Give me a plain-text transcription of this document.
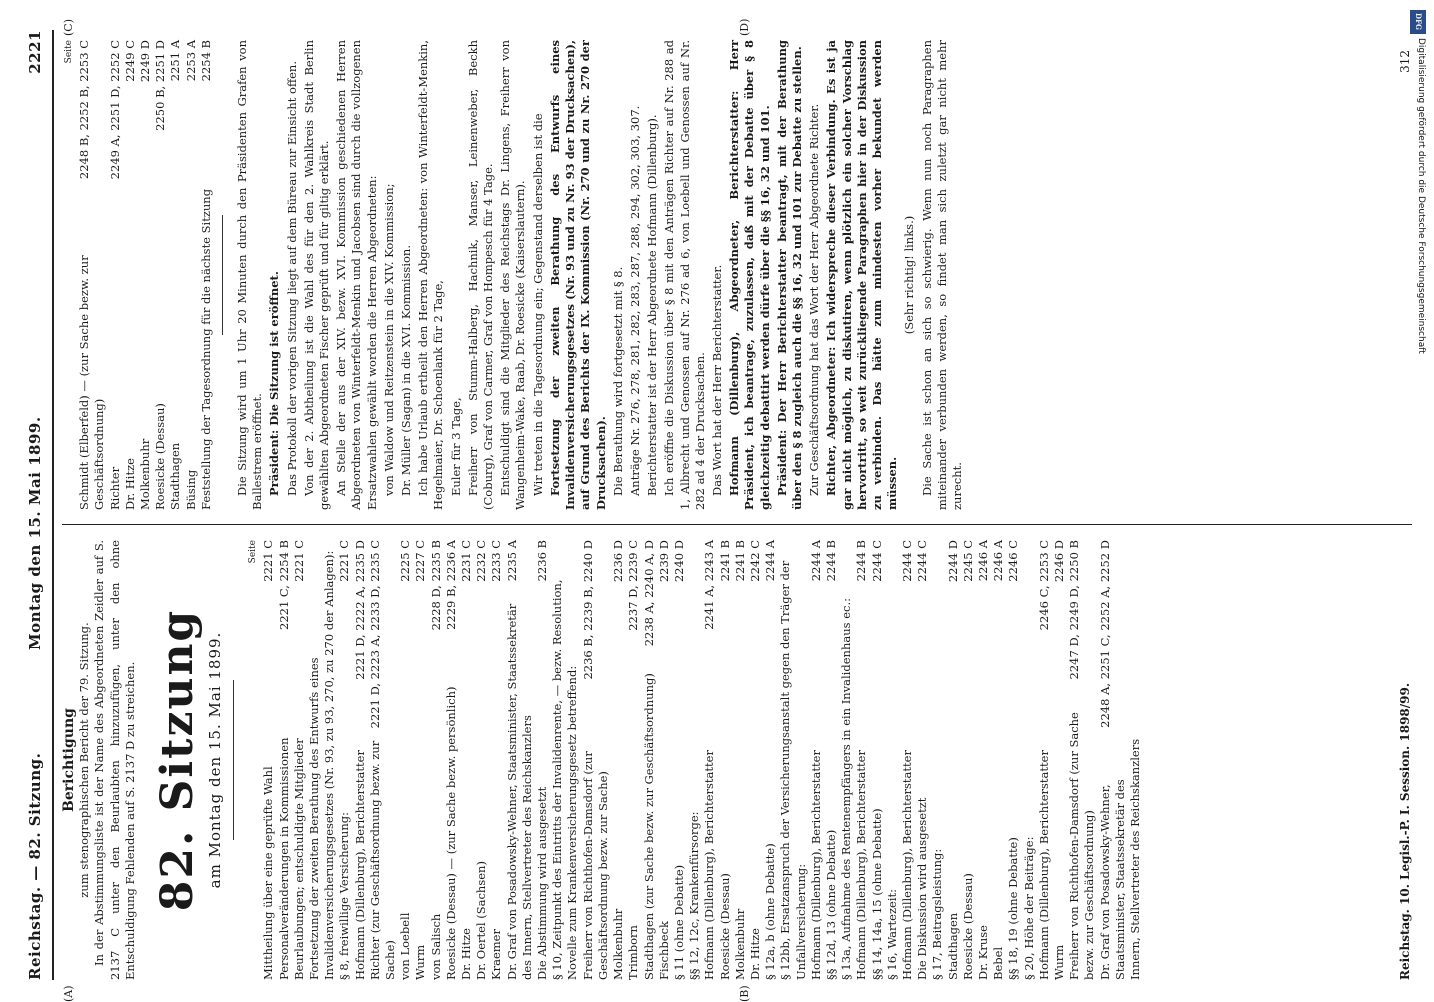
Reichstag. — 82. Sitzung.
Montag den 15. Mai 1899.
2221
(A)	(B)
(C)	(D)
Berichtigung zum stenographischen Bericht der 79. Sitzung. In der Abstimmungsliste ist der Name des Abgeordneten Zeidler auf S. 2137 C unter den Beurlaubten hinzuzufügen, unter den ohne Entschuldigung Fehlenden auf S. 2137 D zu streichen. 82. Sitzung am Montag den 15. Mai 1899.
Seite
Mittheilung über eine geprüfte Wahl
2221 C
Personalveränderungen in Kommissionen
2221 C, 2254 B
Beurlaubungen; entschuldigte Mitglieder
2221 C
Fortsetzung der zweiten Berathung des Entwurfs eines Invalidenversicherungsgesetzes (Nr. 93, zu 93, 270, zu 270 der Anlagen): § 8, freiwillige Versicherung:
2221 C
Hofmann (Dillenburg), Berichterstatter
2221 D, 2222 A, 2235 D
Richter (zur Geschäftsordnung bezw. zur Sache)
2221 D, 2223 A, 2233 D, 2235 C
von Loebell
2225 C
Wurm
2227 C
von Salisch
2228 D, 2235 B
Roesicke (Dessau) — (zur Sache bezw. persönlich)
2229 B, 2236 A
Dr. Hitze
2231 C
Dr. Oertel (Sachsen)
2232 C
Kraemer
2233 C
Dr. Graf von Posadowsky-Wehner, Staatsminister, Staatssekretär des Innern, Stellvertreter des Reichskanzlers
2235 A
Die Abstimmung wird ausgesetzt
2236 B
§ 10, Zeitpunkt des Eintritts der Invalidenrente, — bezw. Resolution, Novelle zum Krankenversicherungsgesetz betreffend: Freiherr von Richthofen-Damsdorf (zur Geschäftsordnung bezw. zur Sache)
2236 B, 2239 B, 2240 D
Molkenbuhr
2236 D
Trimborn
2237 D, 2239 C
Stadthagen (zur Sache bezw. zur Geschäftsordnung)
2238 A, 2240 A, D
Fischbeck
2239 D
§ 11 (ohne Debatte)
2240 D
§§ 12, 12c, Krankenfürsorge: Hofmann (Dillenburg), Berichterstatter
2241 A, 2243 A
Roesicke (Dessau)
2241 B
Molkenbuhr
2241 B
Dr. Hitze
2242 C
§ 12a, b (ohne Debatte)
2244 A
§ 12bb, Ersatzanspruch der Versicherungsanstalt gegen den Träger der Unfallversicherung: Hofmann (Dillenburg), Berichterstatter
2244 A
§§ 12d, 13 (ohne Debatte)
2244 B
§ 13a, Aufnahme des Rentenempfängers in ein Invalidenhaus ec.: Hofmann (Dillenburg), Berichterstatter
2244 B
§§ 14, 14a, 15 (ohne Debatte)
2244 C
§ 16, Wartezeit: Hofmann (Dillenburg), Berichterstatter
2244 C
Die Diskussion wird ausgesetzt
2244 C
§ 17, Beitragsleistung: Stadthagen
2244 D
Roesicke (Dessau)
2245 C
Dr. Kruse
2246 A
Bebel
2246 A
§§ 18, 19 (ohne Debatte)
2246 C
§ 20, Höhe der Beiträge: Hofmann (Dillenburg), Berichterstatter
2246 C, 2253 C
Wurm
2246 D
Freiherr von Richthofen-Damsdorf (zur Sache bezw. zur Geschäftsordnung)
2247 D, 2249 D, 2250 B
Dr. Graf von Posadowsky-Wehner, Staatsminister, Staatssekretär des Innern, Stellvertreter des Reichskanzlers
2248 A, 2251 C, 2252 A, 2252 D
Seite
Schmidt (Elberfeld) — (zur Sache bezw. zur Geschäftsordnung)
2248 B, 2252 B, 2253 C
Richter
2249 A, 2251 D, 2252 C
Dr. Hitze
2249 C
Molkenbuhr
2249 D
Roesicke (Dessau)
2250 B, 2251 D
Stadthagen
2251 A
Büsing
2253 A
Feststellung der Tagesordnung für die nächste Sitzung
2254 B Die Sitzung wird um 1 Uhr 20 Minuten durch den Präsidenten Grafen von Ballestrem eröffnet. Präsident: Die Sitzung ist eröffnet. Das Protokoll der vorigen Sitzung liegt auf dem Büreau zur Einsicht offen. Von der 2. Abtheilung ist die Wahl des für den 2. Wahlkreis Stadt Berlin gewählten Abgeordneten Fischer geprüft und für giltig erklärt. An Stelle der aus der XIV. bezw. XVI. Kommission geschiedenen Herren Abgeordneten von Winterfeldt-Menkin und Jacobsen sind durch die vollzogenen Ersatzwahlen gewählt worden die Herren Abgeordneten: von Waldow und Reitzenstein in die XIV. Kommission; Dr. Müller (Sagan) in die XVI. Kommission. Ich habe Urlaub ertheilt den Herren Abgeordneten: von Winterfeldt-Menkin, Hegelmaier, Dr. Schoenlank für 2 Tage, Euler für 3 Tage, Freiherr von Stumm-Halberg, Hachnik, Manser, Leinenweber, Beckh (Coburg), Graf von Carmer, Graf von Hompesch für 4 Tage. Entschuldigt sind die Mitglieder des Reichstags Dr. Lingens, Freiherr von Wangenheim-Wake, Raab, Dr. Roesicke (Kaiserslautern). Wir treten in die Tagesordnung ein; Gegenstand derselben ist die Fortsetzung der zweiten Berathung des Entwurfs eines Invalidenversicherungsgesetzes (Nr. 93 und zu Nr. 93 der Drucksachen), auf Grund des Berichts der IX. Kommission (Nr. 270 und zu Nr. 270 der Drucksachen). Die Berathung wird fortgesetzt mit § 8. Anträge Nr. 276, 278, 281, 282, 283, 287, 288, 294, 302, 303, 307. Berichterstatter ist der Herr Abgeordnete Hofmann (Dillenburg). Ich eröffne die Diskussion über § 8 mit den Anträgen Richter auf Nr. 288 ad 1, Albrecht und Genossen auf Nr. 276 ad 6, von Loebell und Genossen auf Nr. 282 ad 4 der Drucksachen. Das Wort hat der Herr Berichterstatter. Hofmann (Dillenburg), Abgeordneter, Berichterstatter: Herr Präsident, ich beantrage, zuzulassen, daß mit der Debatte über § 8 gleichzeitig debattirt werden dürfe über die §§ 16, 32 und 101. Präsident: Der Herr Berichterstatter beantragt, mit der Berathung über den § 8 zugleich auch die §§ 16, 32 und 101 zur Debatte zu stellen. Zur Geschäftsordnung hat das Wort der Herr Abgeordnete Richter. Richter, Abgeordneter: Ich widerspreche dieser Verbindung. Es ist ja gar nicht möglich, zu diskutiren, wenn plötzlich ein solcher Vorschlag hervortritt, so weit zurückliegende Paragraphen hier in der Diskussion zu verbinden. Das hätte zum mindesten vorher bekundet werden müssen.

(Sehr richtig! links.) Die Sache ist schon an sich so schwierig. Wenn nun noch Paragraphen miteinander verbunden werden, so findet man sich zuletzt gar nicht mehr zurecht.

Reichstag. 10. Legisl.-P. I. Session. 1898/99.
312
DFG
Digitalisierung gefördert durch die Deutsche Forschungsgemeinschaft
